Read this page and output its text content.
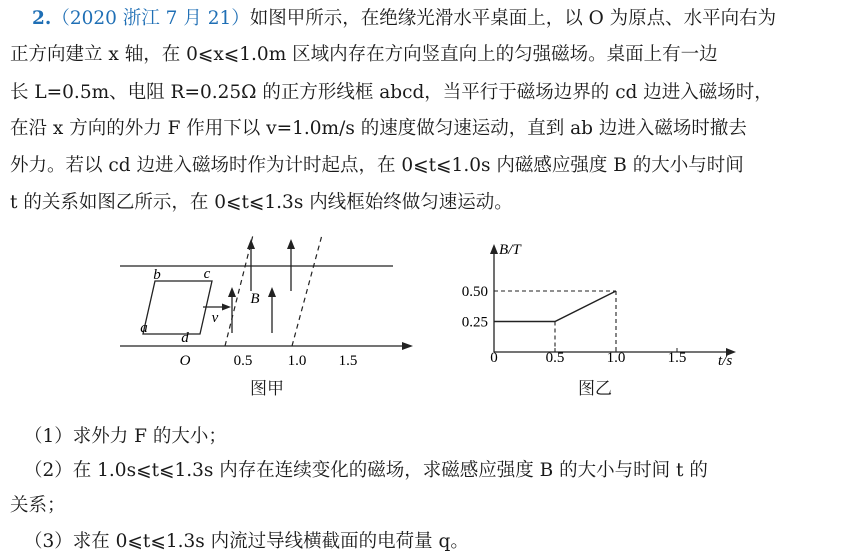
2.（2020 浙江 7 月 21）如图甲所示，在绝缘光滑水平桌面上，以 O 为原点、水平向右为
正方向建立 x 轴，在 0⩽x⩽1.0m 区域内存在方向竖直向上的匀强磁场。桌面上有一边
长 L=0.5m、电阻 R=0.25Ω 的正方形线框 abcd，当平行于磁场边界的 cd 边进入磁场时，
在沿 x 方向的外力 F 作用下以 v=1.0m/s 的速度做匀速运动，直到 ab 边进入磁场时撤去
外力。若以 cd 边进入磁场时作为计时起点，在 0⩽t⩽1.0s 内磁感应强度 B 的大小与时间
t 的关系如图乙所示，在 0⩽t⩽1.3s 内线框始终做匀速运动。
b	c
a
d
v
B
O	0.5 1.0 1.5
图甲
B/T
t/s
0	0.5	1.0	1.5
0.25
0.50
图乙
（1）求外力 F 的大小；
（2）在 1.0s⩽t⩽1.3s 内存在连续变化的磁场，求磁感应强度 B 的大小与时间 t 的
关系；
（3）求在 0⩽t⩽1.3s 内流过导线横截面的电荷量 q。
